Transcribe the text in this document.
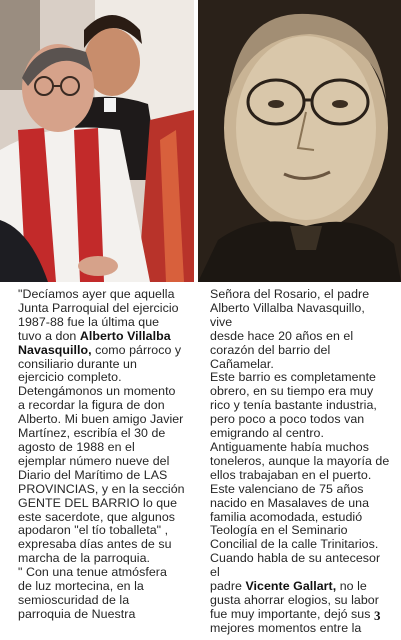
"Decíamos ayer que aquella
Junta Parroquial del ejercicio
1987-88 fue la última que
tuvo a don Alberto Villalba
Navasquillo, como párroco y
consiliario durante un
ejercicio completo.
Detengámonos un momento
a recordar la figura de don
Alberto. Mi buen amigo Javier
Martínez, escribía el 30 de
agosto de 1988 en el
ejemplar número nueve del
Diario del Marítimo de LAS
PROVINCIAS, y en la sección
GENTE DEL BARRIO lo que
este sacerdote, que algunos
apodaron "el tío toballeta" ,
expresaba días antes de su
marcha de la parroquia.

" Con una tenue atmósfera
de luz mortecina, en la
semioscuridad de la
parroquia de Nuestra

Señora del Rosario, el padre
Alberto Villalba Navasquillo, vive
desde hace 20 años en el
corazón del barrio del
Cañamelar.

Este barrio es completamente
obrero, en su tiempo era muy
rico y tenía bastante industria,
pero poco a poco todos van
emigrando al centro.

Antiguamente había muchos
toneleros, aunque la mayoría de
ellos trabajaban en el puerto.

Este valenciano de 75 años
nacido en Masalaves de una
familia acomodada, estudió
Teología en el Seminario
Concilial de la calle Trinitarios.

Cuando habla de su antecesor el
padre Vicente Gallart, no le
gusta ahorrar elogios, su labor
fue muy importante, dejó sus
mejores momentos entre la

3
